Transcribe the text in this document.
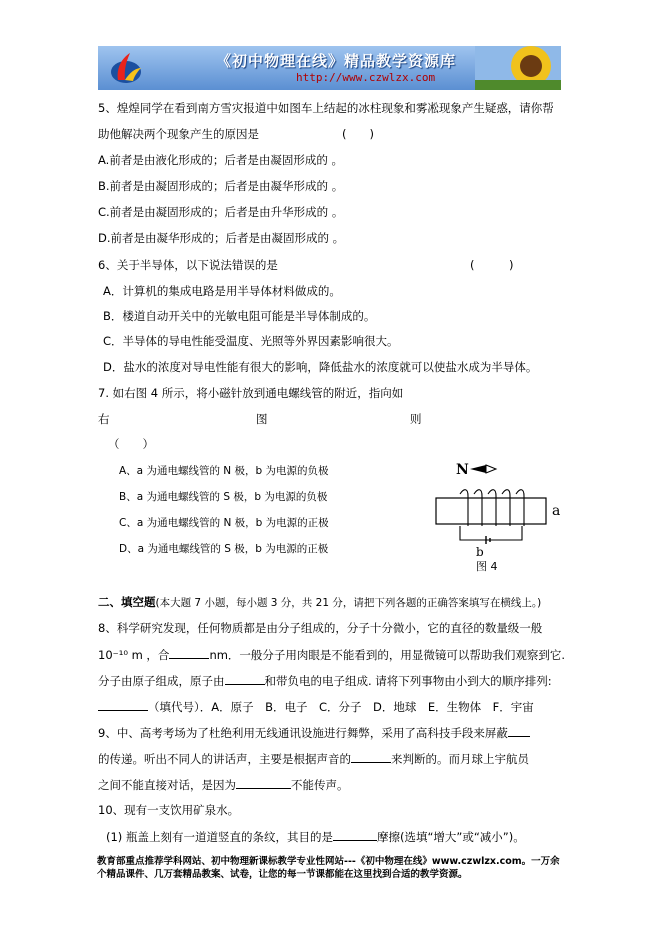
《初中物理在线》精品教学资源库
http://www.czwlzx.com
5、煌煌同学在看到南方雪灾报道中如图车上结起的冰柱现象和雾凇现象产生疑惑，请你帮
助他解决两个现象产生的原因是	(　　)
A.前者是由液化形成的；后者是由凝固形成的 。
B.前者是由凝固形成的；后者是由凝华形成的 。
C.前者是由凝固形成的；后者是由升华形成的 。
D.前者是由凝华形成的；后者是由凝固形成的 。
6、关于半导体，以下说法错误的是	(　　　)
A．计算机的集成电路是用半导体材料做成的。
B．楼道自动开关中的光敏电阻可能是半导体制成的。
C．半导体的导电性能受温度、光照等外界因素影响很大。
D．盐水的浓度对导电性能有很大的影响，降低盐水的浓度就可以使盐水成为半导体。
7. 如右图 4 所示，将小磁针放到通电螺线管的附近，指向如
右	图	则
（　　）
A、a 为通电螺线管的 N 极，b 为电源的负极
B、a 为通电螺线管的 S 极，b 为电源的负极
C、a 为通电螺线管的 N 极，b 为电源的正极
D、a 为通电螺线管的 S 极，b 为电源的正极
N
a
b
图 4
二、填空题(本大题 7 小题，每小题 3 分，共 21 分，请把下列各题的正确答案填写在横线上。)
8、科学研究发现，任何物质都是由分子组成的，分子十分微小，它的直径的数量级一般
10⁻¹⁰ m ，合	nm．一般分子用肉眼是不能看到的，用显微镜可以帮助我们观察到它.
分子由原子组成，原子由	和带负电的电子组成. 请将下列事物由小到大的顺序排列:
（填代号）．A．原子　B．电子　C．分子　D．地球　E．生物体　F．宇宙
9、中、高考考场为了杜绝利用无线通讯设施进行舞弊，采用了高科技手段来屏蔽
的传递。听出不同人的讲话声，主要是根据声音的	来判断的。而月球上宇航员
之间不能直接对话，是因为	不能传声。
10、现有一支饮用矿泉水。
(1) 瓶盖上刻有一道道竖直的条纹，其目的是	摩擦(选填“增大”或“减小”)。
教育部重点推荐学科网站、初中物理新课标教学专业性网站---《初中物理在线》www.czwlzx.com。一万余
个精品课件、几万套精品教案、试卷，让您的每一节课都能在这里找到合适的教学资源。
